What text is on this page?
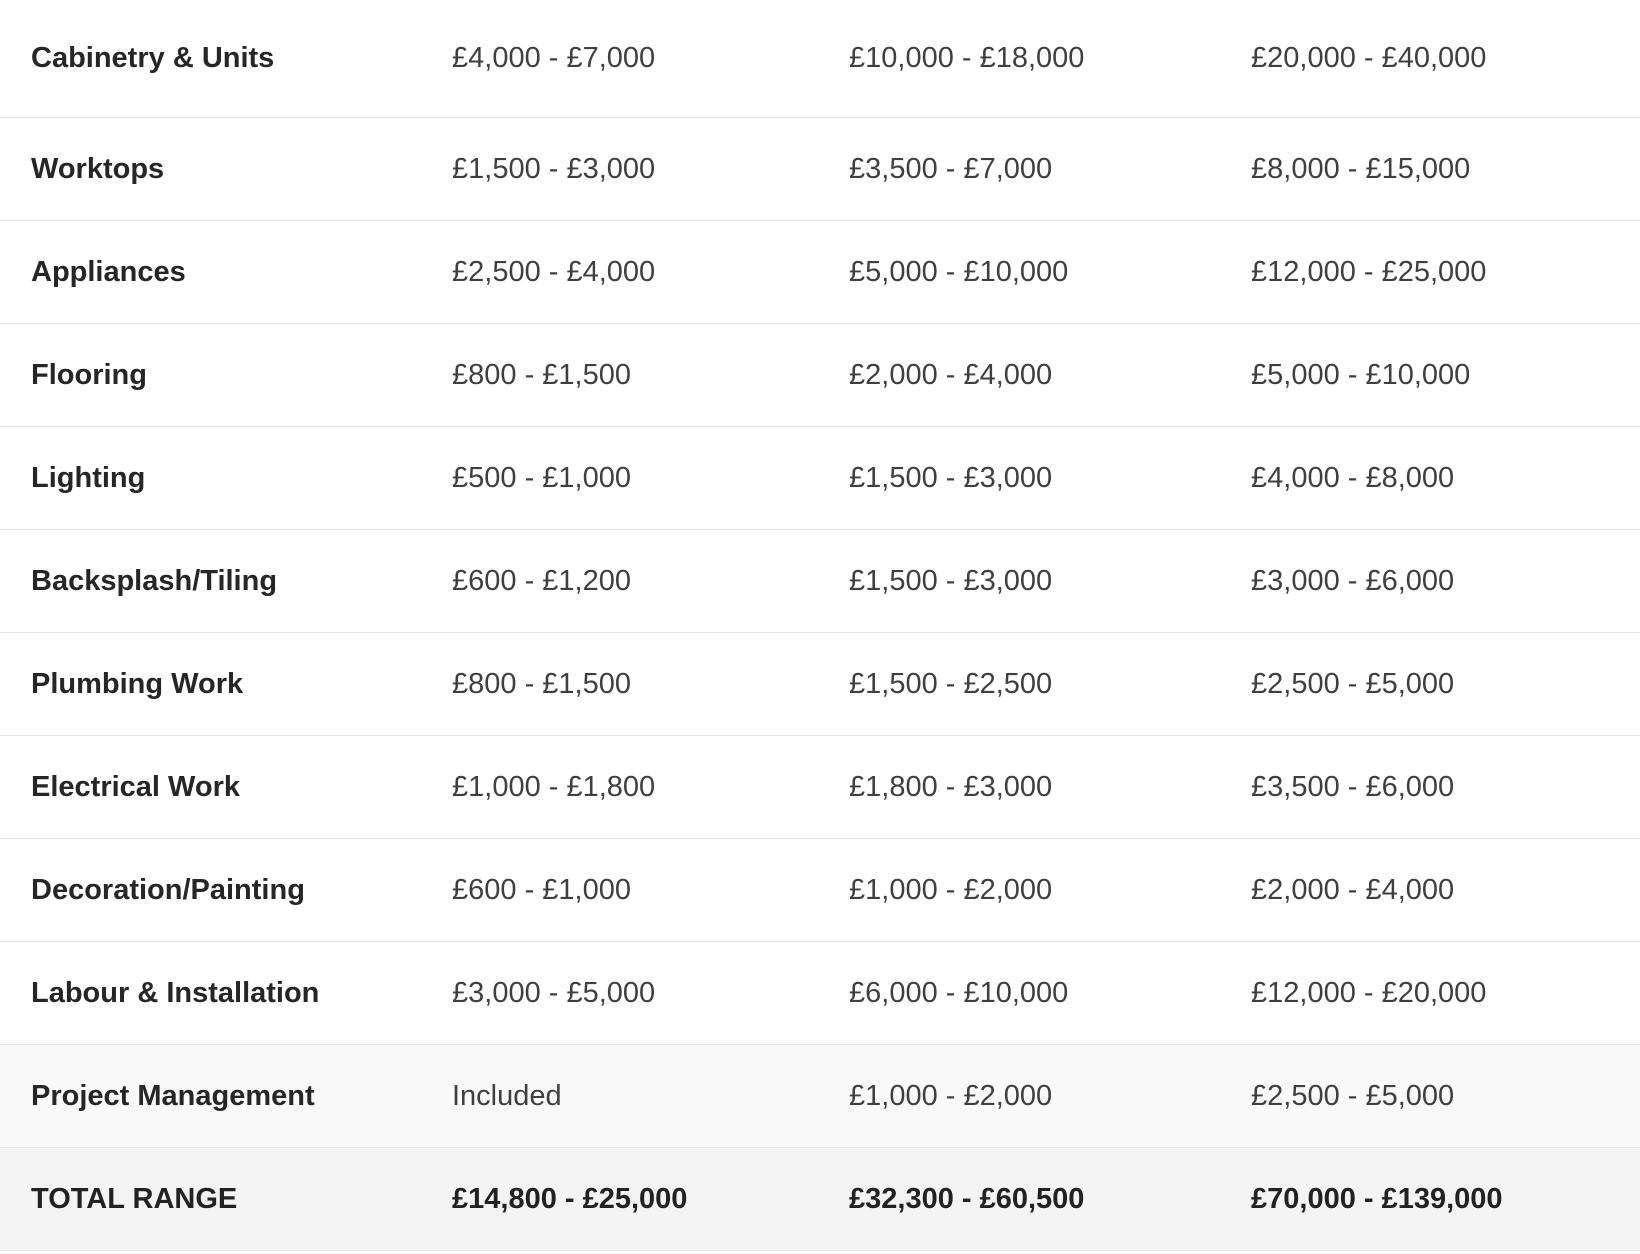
Cabinetry & Units	£4,000 - £7,000	£10,000 - £18,000	£20,000 - £40,000
Worktops	£1,500 - £3,000	£3,500 - £7,000	£8,000 - £15,000
Appliances	£2,500 - £4,000	£5,000 - £10,000	£12,000 - £25,000
Flooring	£800 - £1,500	£2,000 - £4,000	£5,000 - £10,000
Lighting	£500 - £1,000	£1,500 - £3,000	£4,000 - £8,000
Backsplash/Tiling	£600 - £1,200	£1,500 - £3,000	£3,000 - £6,000
Plumbing Work	£800 - £1,500	£1,500 - £2,500	£2,500 - £5,000
Electrical Work	£1,000 - £1,800	£1,800 - £3,000	£3,500 - £6,000
Decoration/Painting	£600 - £1,000	£1,000 - £2,000	£2,000 - £4,000
Labour & Installation	£3,000 - £5,000	£6,000 - £10,000	£12,000 - £20,000
Project Management	Included	£1,000 - £2,000	£2,500 - £5,000
TOTAL RANGE	£14,800 - £25,000	£32,300 - £60,500	£70,000 - £139,000
